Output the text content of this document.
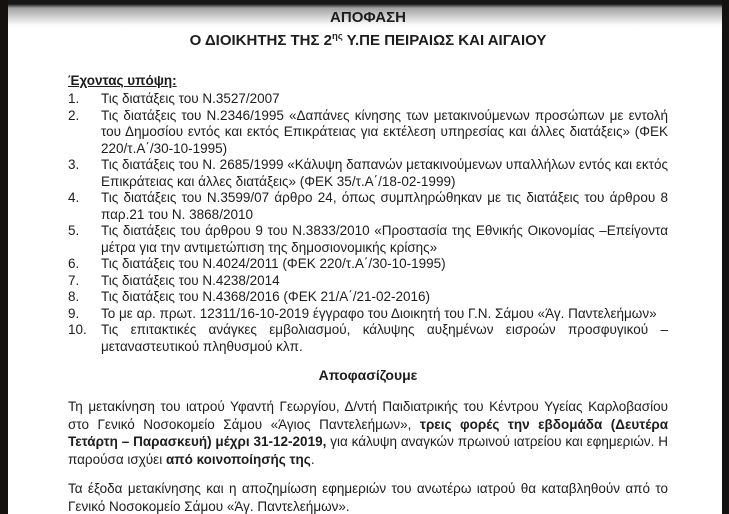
ΑΠΟΦΑΣΗ
Ο ΔΙΟΙΚΗΤΗΣ ΤΗΣ $2^{\eta\varsigma}$ Υ.ΠΕ ΠΕΙΡΑΙΩΣ ΚΑΙ ΑΙΓΑΙΟΥ
Έχοντας υπόψη:
1.	Τις διατάξεις του Ν.3527/2007
2.	Τις διατάξεις του Ν.2346/1995 «Δαπάνες κίνησης των μετακινούμενων προσώπων με εντολή του Δημοσίου εντός και εκτός Επικράτειας για εκτέλεση υπηρεσίας και άλλες διατάξεις» (ΦΕΚ 220/τ.Α΄/30-10-1995)
3.	Τις διατάξεις του Ν. 2685/1999 «Κάλυψη δαπανών μετακινούμενων υπαλλήλων εντός και εκτός Επικράτειας και άλλες διατάξεις» (ΦΕΚ 35/τ.Α΄/18-02-1999)
4.	Τις διατάξεις του Ν.3599/07 άρθρο 24, όπως συμπληρώθηκαν με τις διατάξεις του άρθρου 8 παρ.21 του Ν. 3868/2010
5.	Τις διατάξεις του άρθρου 9 του Ν.3833/2010 «Προστασία της Εθνικής Οικονομίας –Επείγοντα μέτρα για την αντιμετώπιση της δημοσιονομικής κρίσης»
6.	Τις διατάξεις του Ν.4024/2011 (ΦΕΚ 220/τ.Α΄/30-10-1995)
7.	Τις διατάξεις του Ν.4238/2014
8.	Τις διατάξεις του Ν.4368/2016 (ΦΕΚ 21/Α΄/21-02-2016)
9.	Το με αρ. πρωτ. 12311/16-10-2019 έγγραφο του Διοικητή του Γ.Ν. Σάμου «Άγ. Παντελεήμων»
10.	Τις επιτακτικές ανάγκες εμβολιασμού, κάλυψης αυξημένων εισροών προσφυγικού – μεταναστευτικού πληθυσμού κλπ.
Αποφασίζουμε

Τη μετακίνηση του ιατρού Υφαντή Γεωργίου, Δ/ντή Παιδιατρικής του Κέντρου Υγείας Καρλοβασίου στο Γενικό Νοσοκομείο Σάμου «Άγιος Παντελεήμων», τρεις φορές την εβδομάδα (Δευτέρα Τετάρτη – Παρασκευή) μέχρι 31-12-2019, για κάλυψη αναγκών πρωινού ιατρείου και εφημεριών. Η παρούσα ισχύει από κοινοποίησής της.

Τα έξοδα μετακίνησης και η αποζημίωση εφημεριών του ανωτέρω ιατρού θα καταβληθούν από το Γενικό Νοσοκομείο Σάμου «Άγ. Παντελεήμων».
